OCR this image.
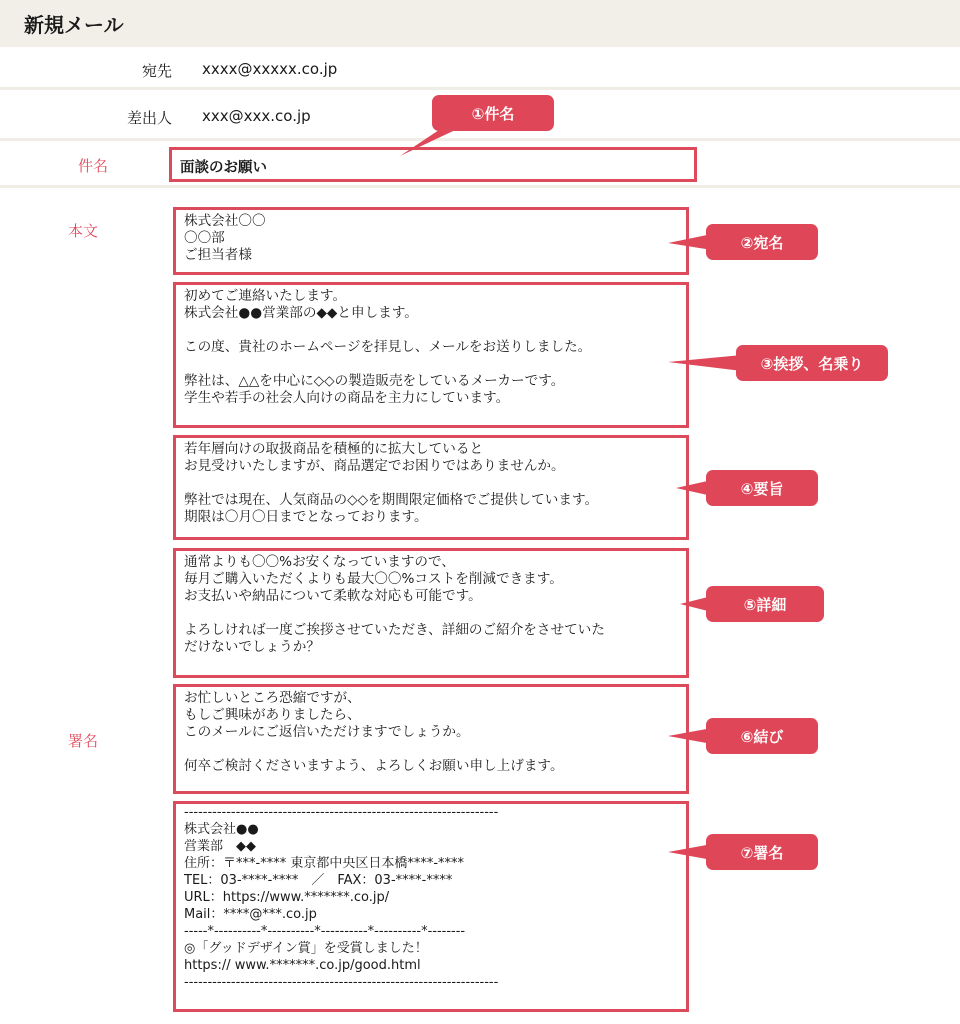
新規メール
宛先 xxxx@xxxxx.co.jp
差出人 xxx@xxx.co.jp
件名	面談のお願い
本文
署名

株式会社〇〇

〇〇部

ご担当者様

初めてご連絡いたします。

株式会社●●営業部の◆◆と申します。

この度、貴社のホームページを拝見し、メールをお送りしました。

弊社は、△△を中心に◇◇の製造販売をしているメーカーです。

学生や若手の社会人向けの商品を主力にしています。

若年層向けの取扱商品を積極的に拡大していると

お見受けいたしますが、商品選定でお困りではありませんか。

弊社では現在、人気商品の◇◇を期間限定価格でご提供しています。

期限は〇月〇日までとなっております。

通常よりも〇〇%お安くなっていますので、

毎月ご購入いただくよりも最大〇〇%コストを削減できます。

お支払いや納品について柔軟な対応も可能です。

よろしければ一度ご挨拶させていただき、詳細のご紹介をさせていた

だけないでしょうか？

お忙しいところ恐縮ですが、

もしご興味がありましたら、

このメールにご返信いただけますでしょうか。

何卒ご検討くださいますよう、よろしくお願い申し上げます。

-------------------------------------------------------------------

株式会社●●

営業部　◆◆

住所：〒***-**** 東京都中央区日本橋****-****

TEL：03-****-****　／　FAX：03-****-****

URL：https://www.*******.co.jp/

Mail：****@***.co.jp

-----*----------*----------*----------*----------*--------

◎「グッドデザイン賞」を受賞しました！

https:// www.*******.co.jp/good.html

-------------------------------------------------------------------

①件名
②宛名
③挨拶、名乗り
④要旨
⑤詳細
⑥結び
⑦署名
